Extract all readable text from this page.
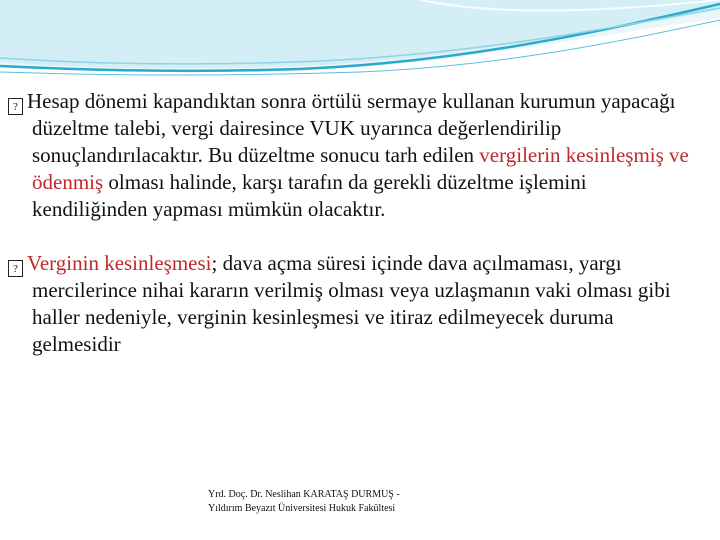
? Hesap dönemi kapandıktan sonra örtülü sermaye kullanan kurumun yapacağı düzeltme talebi, vergi dairesince VUK uyarınca değerlendirilip sonuçlandırılacaktır. Bu düzeltme sonucu tarh edilen vergilerin kesinleşmiş ve ödenmiş olması halinde, karşı tarafın da gerekli düzeltme işlemini kendiliğinden yapması mümkün olacaktır.

? Verginin kesinleşmesi; dava açma süresi içinde dava açılmaması, yargı mercilerince nihai kararın verilmiş olması veya uzlaşmanın vaki olması gibi haller nedeniyle, verginin kesinleşmesi ve itiraz edilmeyecek duruma gelmesidir

Yrd. Doç. Dr. Neslihan KARATAŞ DURMUŞ -
Yıldırım Beyazıt Üniversitesi Hukuk Fakültesi
